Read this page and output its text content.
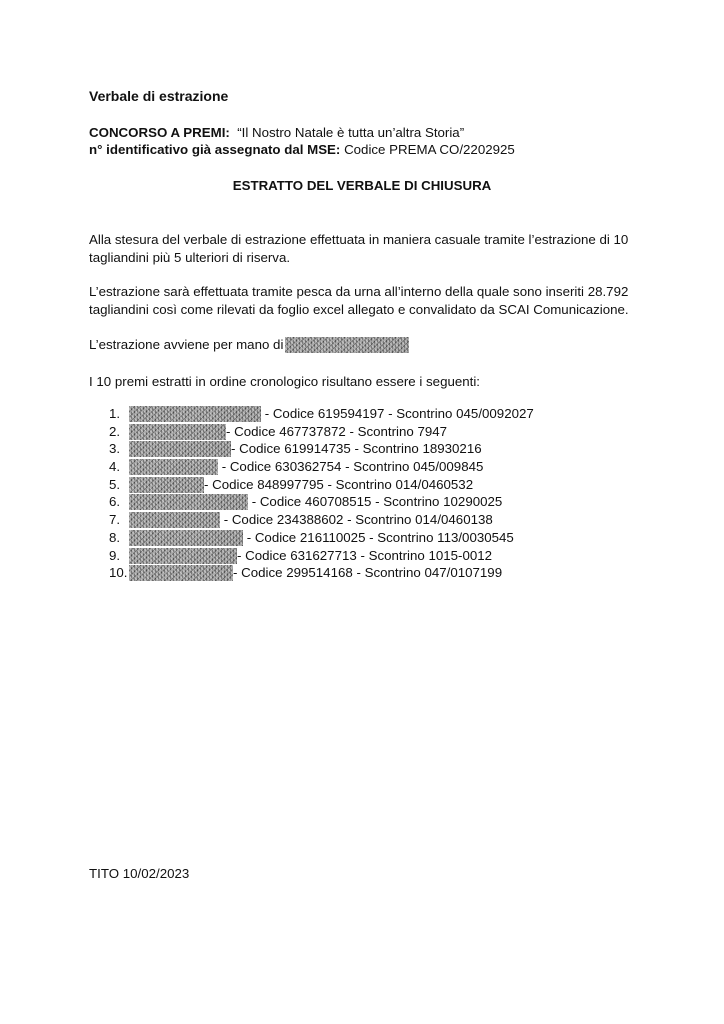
Verbale di estrazione
CONCORSO A PREMI: “Il Nostro Natale è tutta un’altra Storia”
n° identificativo già assegnato dal MSE: Codice PREMA CO/2202925
ESTRATTO DEL VERBALE DI CHIUSURA
Alla stesura del verbale di estrazione effettuata in maniera casuale tramite l’estrazione di 10 tagliandini più 5 ulteriori di riserva.
L’estrazione sarà effettuata tramite pesca da urna all’interno della quale sono inseriti 28.792 tagliandini così come rilevati da foglio excel allegato e convalidato da SCAI Comunicazione.
L’estrazione avviene per mano di
I 10 premi estratti in ordine cronologico risultano essere i seguenti:
1.	- Codice 619594197 - Scontrino 045/0092027
2.	- Codice 467737872 - Scontrino 7947
3.	- Codice 619914735 - Scontrino 18930216
4.	- Codice 630362754 - Scontrino 045/009845
5.	- Codice 848997795 - Scontrino 014/0460532
6.	- Codice 460708515 - Scontrino 10290025
7.	- Codice 234388602 - Scontrino 014/0460138
8.	- Codice 216110025 - Scontrino 113/0030545
9.	- Codice 631627713 - Scontrino 1015-0012
10.	- Codice 299514168 - Scontrino 047/0107199
TITO 10/02/2023
